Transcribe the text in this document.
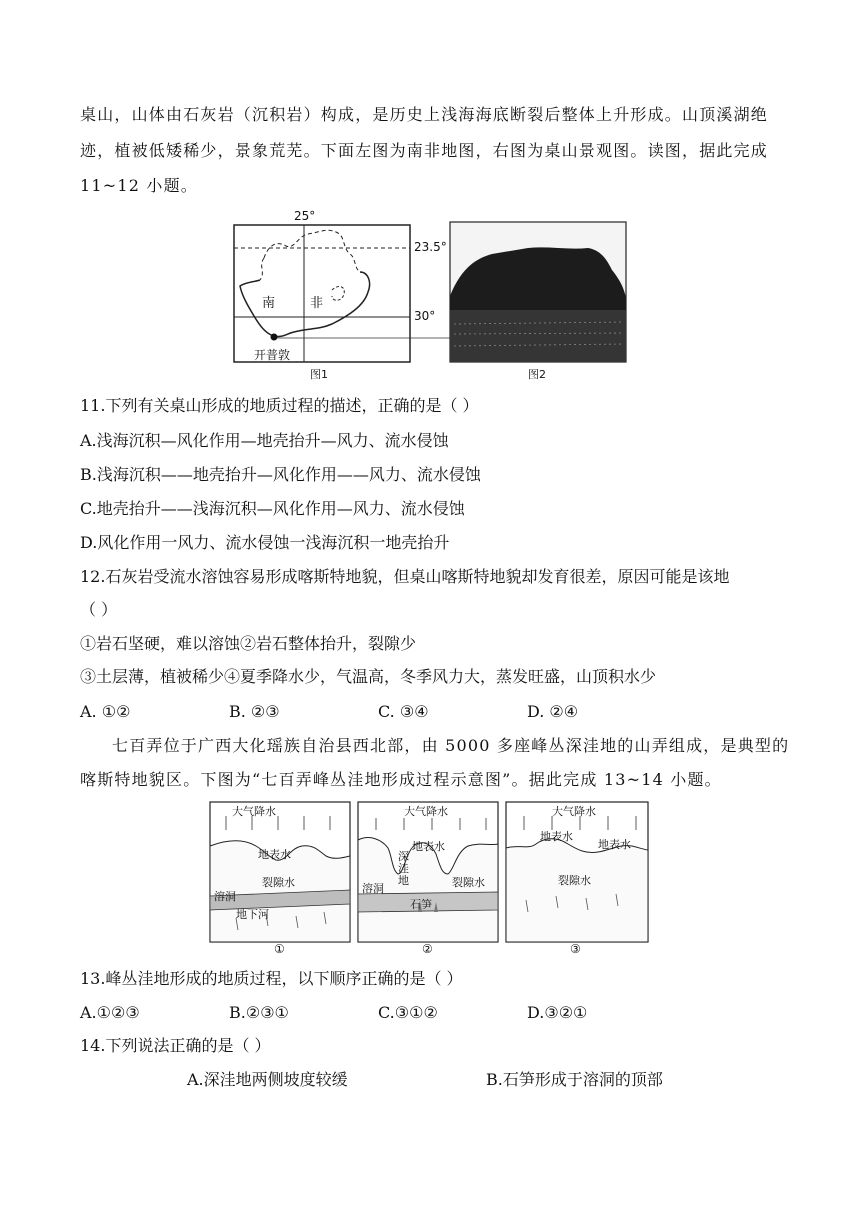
桌山，山体由石灰岩（沉积岩）构成，是历史上浅海海底断裂后整体上升形成。山顶溪湖绝
迹，植被低矮稀少，景象荒芜。下面左图为南非地图，右图为桌山景观图。读图，据此完成
11~12 小题。
25°
23.5°
30°
南	非
开普敦
图1	图2
11.下列有关桌山形成的地质过程的描述，正确的是（ ）
A.浅海沉积—风化作用—地壳抬升—风力、流水侵蚀
B.浅海沉积——地壳抬升—风化作用——风力、流水侵蚀
C.地壳抬升——浅海沉积—风化作用—风力、流水侵蚀
D.风化作用一风力、流水侵蚀一浅海沉积一地壳抬升
12.石灰岩受流水溶蚀容易形成喀斯特地貌，但桌山喀斯特地貌却发育很差，原因可能是该地
（ ）
①岩石坚硬，难以溶蚀②岩石整体抬升，裂隙少
③土层薄，植被稀少④夏季降水少，气温高，冬季风力大，蒸发旺盛，山顶积水少
A. ①②	B. ②③	C. ③④	D. ②④
七百弄位于广西大化瑶族自治县西北部，由 5000 多座峰丛深洼地的山弄组成，是典型的
喀斯特地貌区。下图为“七百弄峰丛洼地形成过程示意图”。据此完成 13~14 小题。
大气降水
地表水
裂隙水
溶洞
地下河
①
大气降水
地表水
深
洼
地	裂隙水
溶洞
石笋
②
大气降水
地表水
地表水
裂隙水
③
13.峰丛洼地形成的地质过程，以下顺序正确的是（ ）
A.①②③	B.②③①	C.③①②	D.③②①
14.下列说法正确的是（ ）
A.深洼地两侧坡度较缓	B.石笋形成于溶洞的顶部
